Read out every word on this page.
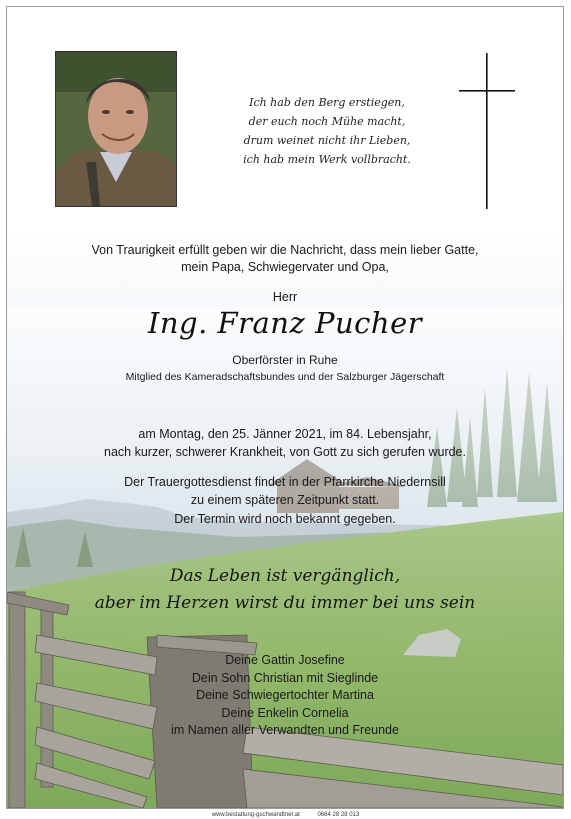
Ich hab den Berg erstiegen,
der euch noch Mühe macht,
drum weinet nicht ihr Lieben,
ich hab mein Werk vollbracht.
Von Traurigkeit erfüllt geben wir die Nachricht, dass mein lieber Gatte,
mein Papa, Schwiegervater und Opa,
Herr
Ing. Franz Pucher
Oberförster in Ruhe
Mitglied des Kameradschaftsbundes und der Salzburger Jägerschaft
am Montag, den 25. Jänner 2021, im 84. Lebensjahr,
nach kurzer, schwerer Krankheit, von Gott zu sich gerufen wurde.
Der Trauergottesdienst findet in der Pfarrkirche Niedernsill
zu einem späteren Zeitpunkt statt.
Der Termin wird noch bekannt gegeben.
Das Leben ist vergänglich,
aber im Herzen wirst du immer bei uns sein
Deine Gattin Josefine
Dein Sohn Christian mit Sieglinde
Deine Schwiegertochter Martina
Deine Enkelin Cornelia
im Namen aller Verwandten und Freunde
www.bestattung-gschwandtner.at	0664 28 28 013
